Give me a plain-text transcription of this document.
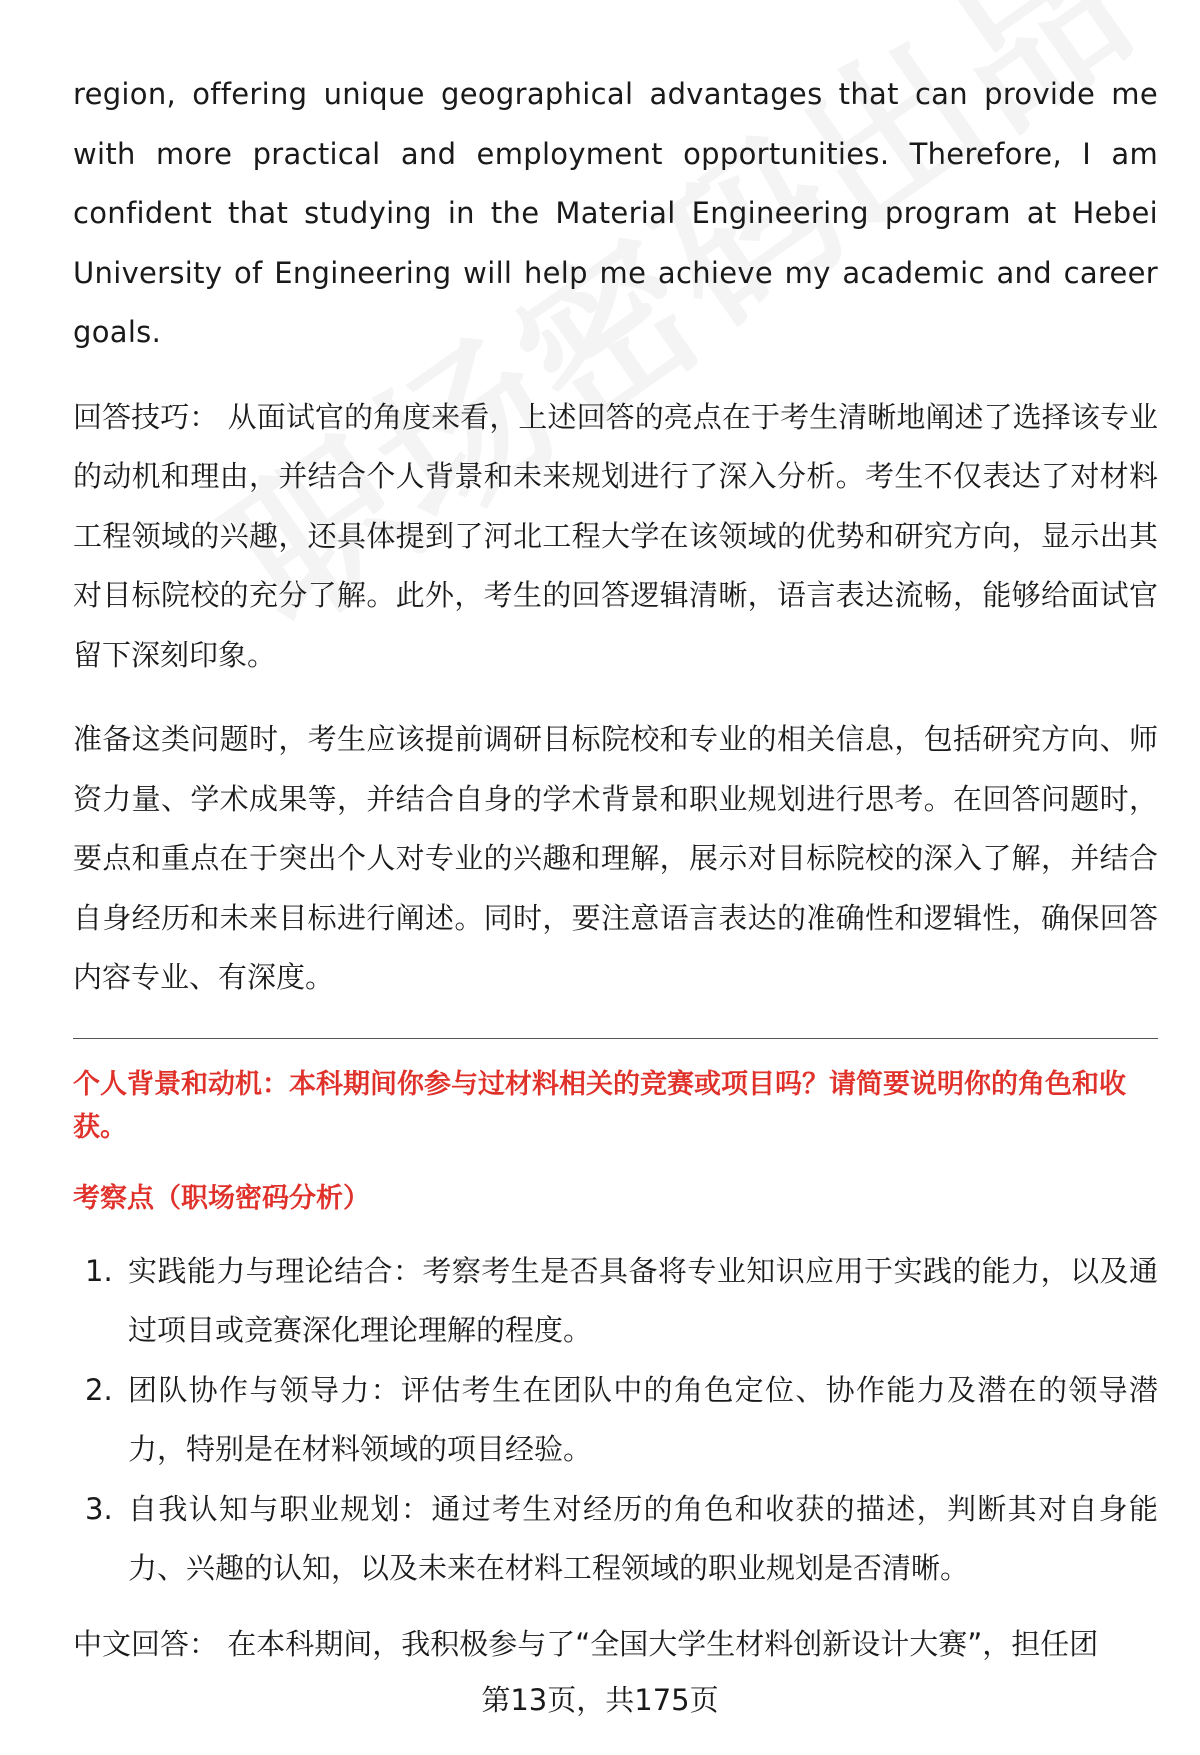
region, offering unique geographical advantages that can provide me with more practical and employment opportunities. Therefore, I am confident that studying in the Material Engineering program at Hebei University of Engineering will help me achieve my academic and career goals.

回答技巧： 从面试官的角度来看，上述回答的亮点在于考生清晰地阐述了选择该专业的动机和理由，并结合个人背景和未来规划进行了深入分析。考生不仅表达了对材料工程领域的兴趣，还具体提到了河北工程大学在该领域的优势和研究方向，显示出其对目标院校的充分了解。此外，考生的回答逻辑清晰，语言表达流畅，能够给面试官留下深刻印象。

准备这类问题时，考生应该提前调研目标院校和专业的相关信息，包括研究方向、师资力量、学术成果等，并结合自身的学术背景和职业规划进行思考。在回答问题时，要点和重点在于突出个人对专业的兴趣和理解，展示对目标院校的深入了解，并结合自身经历和未来目标进行阐述。同时，要注意语言表达的准确性和逻辑性，确保回答内容专业、有深度。

个人背景和动机：本科期间你参与过材料相关的竞赛或项目吗？请简要说明你的角色和收获。

考察点（职场密码分析）

1. 实践能力与理论结合：考察考生是否具备将专业知识应用于实践的能力，以及通过项目或竞赛深化理论理解的程度。
2. 团队协作与领导力：评估考生在团队中的角色定位、协作能力及潜在的领导潜力，特别是在材料领域的项目经验。
3. 自我认知与职业规划：通过考生对经历的角色和收获的描述，判断其对自身能力、兴趣的认知，以及未来在材料工程领域的职业规划是否清晰。

中文回答： 在本科期间，我积极参与了“全国大学生材料创新设计大赛”，担任团

第13页，共175页
